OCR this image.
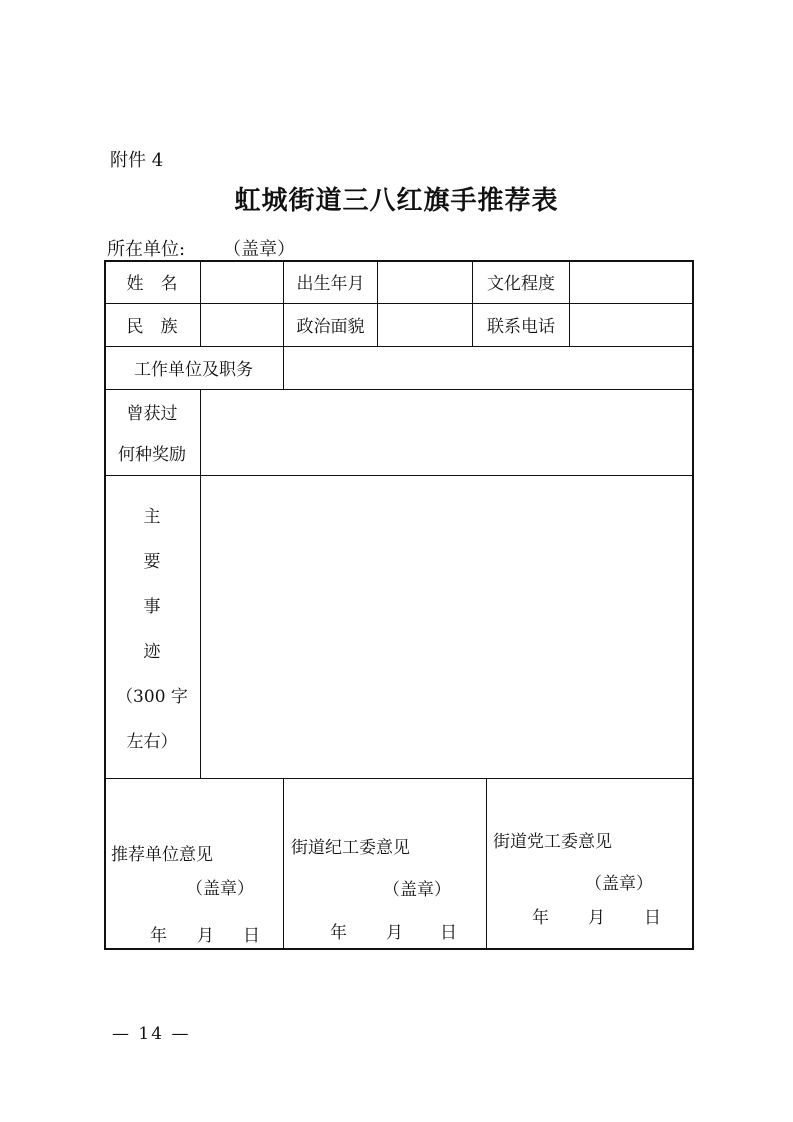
附件 4
虹城街道三八红旗手推荐表
所在单位: （盖章）
姓　名	出生年月	文化程度
民　族	政治面貌	联系电话
工作单位及职务
曾获过
何种奖励
主
要
事
迹
（300 字
左右）
推荐单位意见
（盖章）
年 月 日
街道纪工委意见
（盖章）
年 月 日
街道党工委意见
（盖章）
年 月 日
— 14 —
